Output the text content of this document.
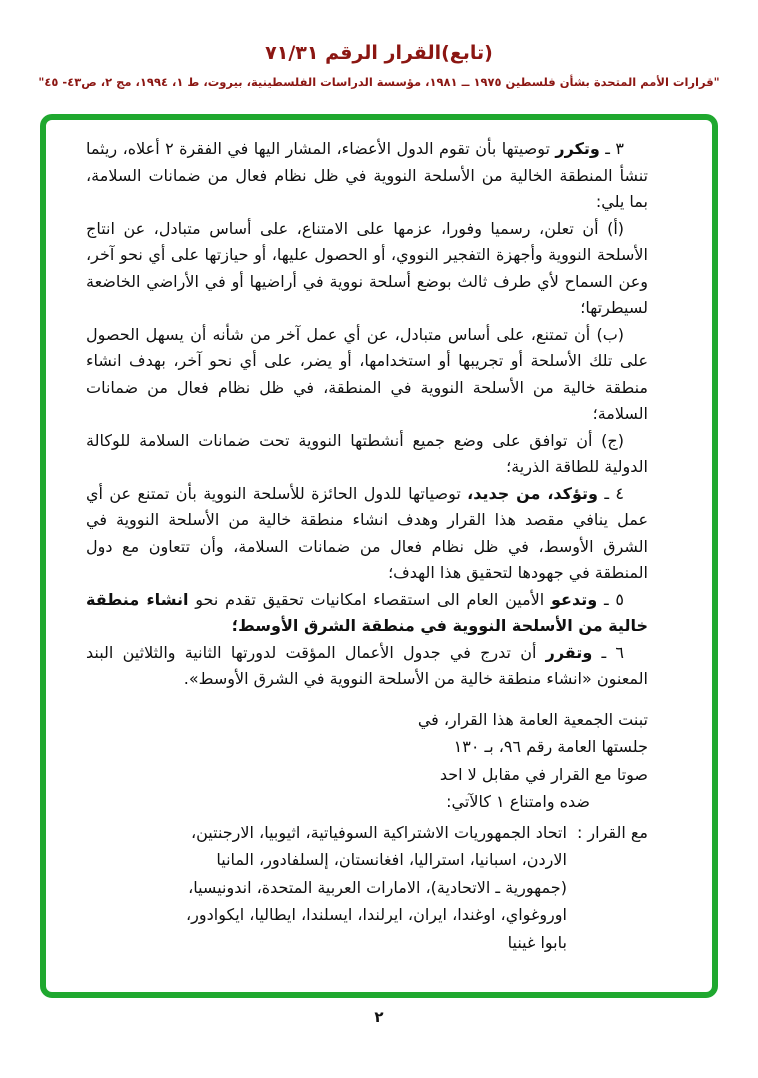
(تابع)القرار الرقم ٧١/٣١
"قرارات الأمم المتحدة بشأن فلسطين ١٩٧٥ ــ ١٩٨١، مؤسسة الدراسات الفلسطينية، بيروت، ط ١، ١٩٩٤، مج ٢، ص٤٣- ٤٥"

٣ ـ وتكرر توصيتها بأن تقوم الدول الأعضاء، المشار اليها في الفقرة ٢ أعلاه، ريثما تنشأ المنطقة الخالية من الأسلحة النووية في ظل نظام فعال من ضمانات السلامة، بما يلي:

(أ) أن تعلن، رسميا وفورا، عزمها على الامتناع، على أساس متبادل، عن انتاج الأسلحة النووية وأجهزة التفجير النووي، أو الحصول عليها، أو حيازتها على أي نحو آخر، وعن السماح لأي طرف ثالث بوضع أسلحة نووية في أراضيها أو في الأراضي الخاضعة لسيطرتها؛

(ب) أن تمتنع، على أساس متبادل، عن أي عمل آخر من شأنه أن يسهل الحصول على تلك الأسلحة أو تجريبها أو استخدامها، أو يضر، على أي نحو آخر، بهدف انشاء منطقة خالية من الأسلحة النووية في المنطقة، في ظل نظام فعال من ضمانات السلامة؛

(ج) أن توافق على وضع جميع أنشطتها النووية تحت ضمانات السلامة للوكالة الدولية للطاقة الذرية؛

٤ ـ وتؤكد، من جديد، توصياتها للدول الحائزة للأسلحة النووية بأن تمتنع عن أي عمل ينافي مقصد هذا القرار وهدف انشاء منطقة خالية من الأسلحة النووية في الشرق الأوسط، في ظل نظام فعال من ضمانات السلامة، وأن تتعاون مع دول المنطقة في جهودها لتحقيق هذا الهدف؛

٥ ـ وتدعو الأمين العام الى استقصاء امكانيات تحقيق تقدم نحو انشاء منطقة خالية من الأسلحة النووية في منطقة الشرق الأوسط؛

٦ ـ وتقرر أن تدرج في جدول الأعمال المؤقت لدورتها الثانية والثلاثين البند المعنون «انشاء منطقة خالية من الأسلحة النووية في الشرق الأوسط».

تبنت الجمعية العامة هذا القرار، في
جلستها العامة رقم ٩٦، بـ ١٣٠
صوتا مع القرار في مقابل لا احد
ضده وامتناع ١ كالآتي:
مع القرار :
اتحاد الجمهوريات الاشتراكية السوفياتية، اثيوبيا، الارجنتين، الاردن، اسبانيا، استراليا، افغانستان، إلسلفادور، المانيا (جمهورية ـ الاتحادية)، الامارات العربية المتحدة، اندونيسيا، اوروغواي، اوغندا، ايران، ايرلندا، ايسلندا، ايطاليا، ايكوادور، بابوا غينيا
٢
